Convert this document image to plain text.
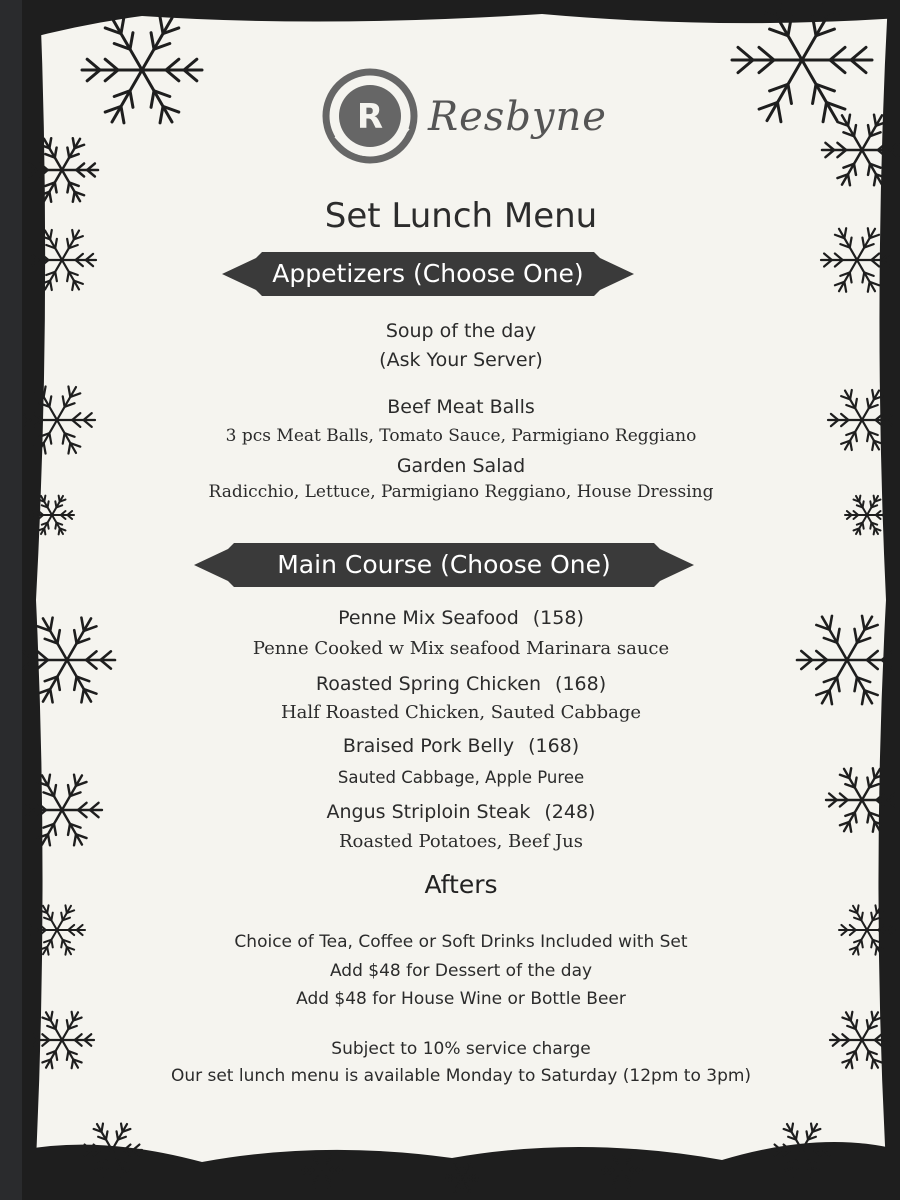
R Resbyne
Set Lunch Menu
Appetizers (Choose One)
Soup of the day
(Ask Your Server)
Beef Meat Balls
3 pcs Meat Balls, Tomato Sauce, Parmigiano Reggiano
Garden Salad
Radicchio, Lettuce, Parmigiano Reggiano, House Dressing
Main Course (Choose One)
Penne Mix Seafood (158)
Penne Cooked w Mix seafood Marinara sauce
Roasted Spring Chicken (168)
Half Roasted Chicken, Sauted Cabbage
Braised Pork Belly (168)
Sauted Cabbage, Apple Puree
Angus Striploin Steak (248)
Roasted Potatoes, Beef Jus
Afters
Choice of Tea, Coffee or Soft Drinks Included with Set
Add $48 for Dessert of the day
Add $48 for House Wine or Bottle Beer
Subject to 10% service charge
Our set lunch menu is available Monday to Saturday (12pm to 3pm)
